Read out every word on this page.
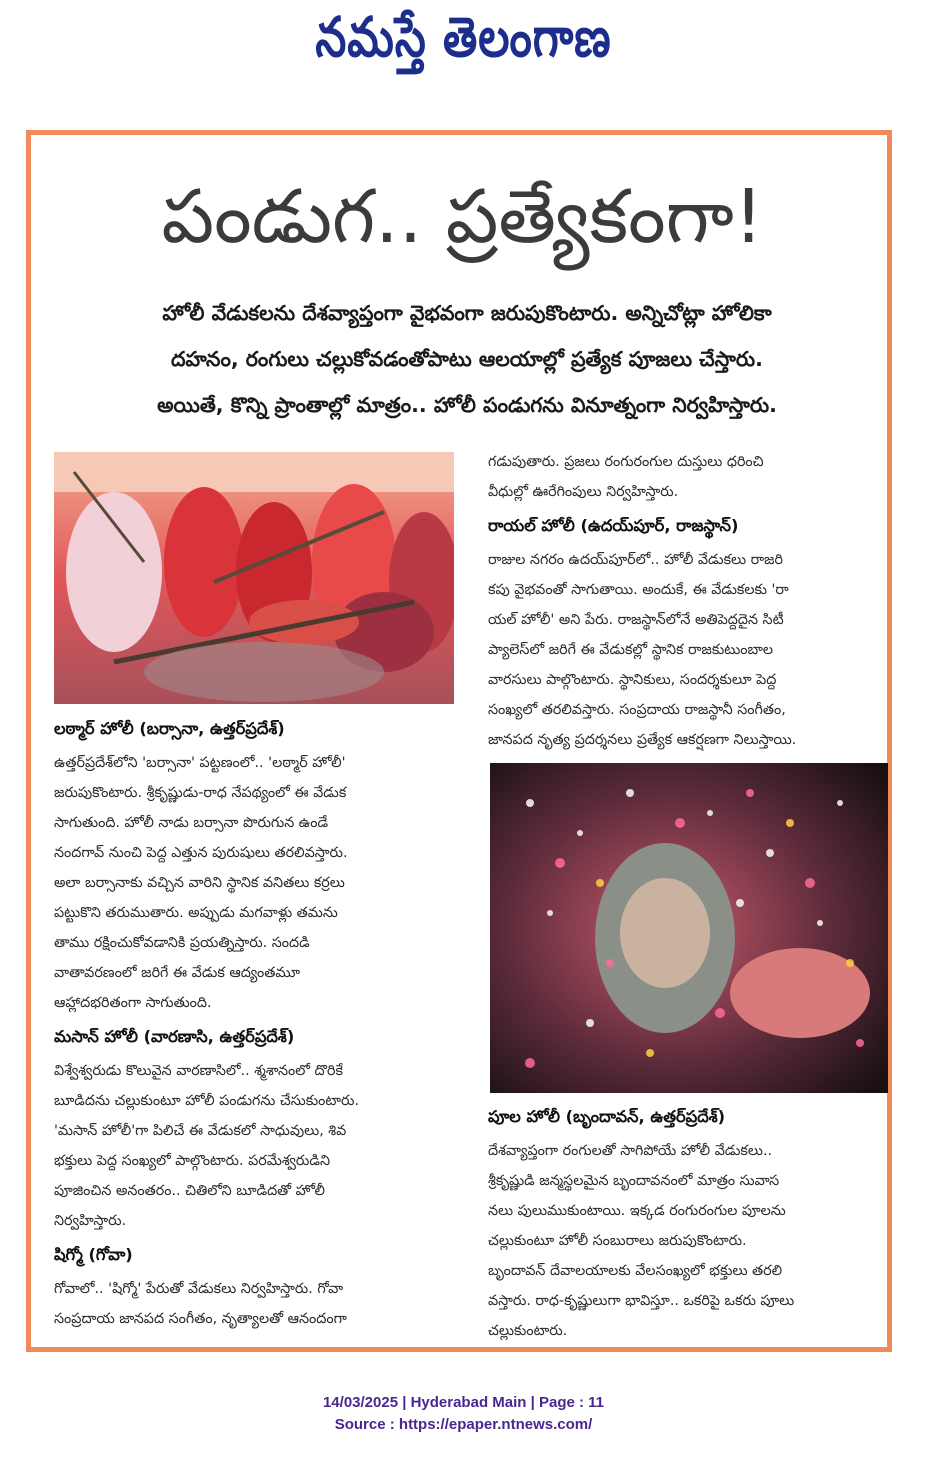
నమస్తే తెలంగాణ
పండుగ.. ప్రత్యేకంగా!
హోలీ వేడుకలను దేశవ్యాప్తంగా వైభవంగా జరుపుకొంటారు. అన్నిచోట్లా హోలికా
దహనం, రంగులు చల్లుకోవడంతోపాటు ఆలయాల్లో ప్రత్యేక పూజలు చేస్తారు.
అయితే, కొన్ని ప్రాంతాల్లో మాత్రం.. హోలీ పండుగను వినూత్నంగా నిర్వహిస్తారు.
లఠ్మార్ హోలీ (బర్సానా, ఉత్తర్‌ప్రదేశ్)
ఉత్తర్‌ప్రదేశ్‌లోని 'బర్సానా' పట్టణంలో.. 'లఠ్మార్ హోలీ'
జరుపుకొంటారు. శ్రీకృష్ణుడు-రాధ నేపథ్యంలో ఈ వేడుక
సాగుతుంది. హోలీ నాడు బర్సానా పొరుగున ఉండే
నందగావ్ నుంచి పెద్ద ఎత్తున పురుషులు తరలివస్తారు.
అలా బర్సానాకు వచ్చిన వారిని స్థానిక వనితలు కర్రలు
పట్టుకొని తరుముతారు. అప్పుడు మగవాళ్లు తమను
తాము రక్షించుకోవడానికి ప్రయత్నిస్తారు. సందడి
వాతావరణంలో జరిగే ఈ వేడుక ఆద్యంతమూ
ఆహ్లాదభరితంగా సాగుతుంది.
మసాన్ హోలీ (వారణాసి, ఉత్తర్‌ప్రదేశ్)
విశ్వేశ్వరుడు కొలువైన వారణాసిలో.. శ్మశానంలో దొరికే
బూడిదను చల్లుకుంటూ హోలీ పండుగను చేసుకుంటారు.
'మసాన్ హోలీ'గా పిలిచే ఈ వేడుకలో సాధువులు, శివ
భక్తులు పెద్ద సంఖ్యలో పాల్గొంటారు. పరమేశ్వరుడిని
పూజించిన అనంతరం.. చితిలోని బూడిదతో హోలీ
నిర్వహిస్తారు.
షిగ్మో (గోవా)
గోవాలో.. 'షిగ్మో' పేరుతో వేడుకలు నిర్వహిస్తారు. గోవా
సంప్రదాయ జానపద సంగీతం, నృత్యాలతో ఆనందంగా
గడుపుతారు. ప్రజలు రంగురంగుల దుస్తులు ధరించి
వీధుల్లో ఊరేగింపులు నిర్వహిస్తారు.
రాయల్ హోలీ (ఉదయ్‌పూర్, రాజస్థాన్)
రాజుల నగరం ఉదయ్‌పూర్‌లో.. హోలీ వేడుకలు రాజరి
కపు వైభవంతో సాగుతాయి. అందుకే, ఈ వేడుకలకు 'రా
యల్ హోలీ' అని పేరు. రాజస్థాన్‌లోనే అతిపెద్దదైన సిటీ
ప్యాలెస్‌లో జరిగే ఈ వేడుకల్లో స్థానిక రాజకుటుంబాల
వారసులు పాల్గొంటారు. స్థానికులు, సందర్శకులూ పెద్ద
సంఖ్యలో తరలివస్తారు. సంప్రదాయ రాజస్థానీ సంగీతం,
జానపద నృత్య ప్రదర్శనలు ప్రత్యేక ఆకర్షణగా నిలుస్తాయి.
పూల హోలీ (బృందావన్, ఉత్తర్‌ప్రదేశ్)
దేశవ్యాప్తంగా రంగులతో సాగిపోయే హోలీ వేడుకలు..
శ్రీకృష్ణుడి జన్మస్థలమైన బృందావనంలో మాత్రం సువాస
నలు పులుముకుంటాయి. ఇక్కడ రంగురంగుల పూలను
చల్లుకుంటూ హోలీ సంబురాలు జరుపుకొంటారు.
బృందావన్ దేవాలయాలకు వేలసంఖ్యలో భక్తులు తరలి
వస్తారు. రాధ-కృష్ణులుగా భావిస్తూ.. ఒకరిపై ఒకరు పూలు
చల్లుకుంటారు.
14/03/2025 | Hyderabad Main | Page : 11
Source : https://epaper.ntnews.com/
